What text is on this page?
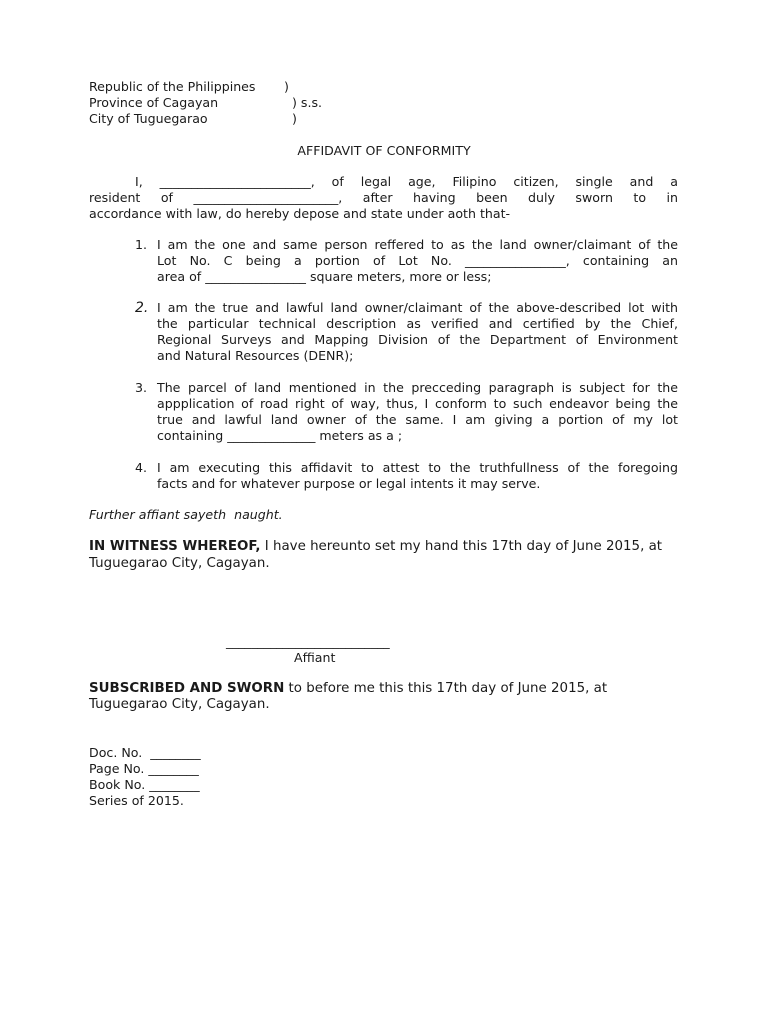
Republic of the Philippines )
Province of Cagayan	) s.s.
City of Tuguegarao	)
AFFIDAVIT OF CONFORMITY
I, ________________________, of legal age, Filipino citizen, single and a
resident of _______________________, after having been duly sworn to in
accordance with law, do hereby depose and state under aoth that-
1. I am the one and same person reffered to as the land owner/claimant of the
Lot No. C being a portion of Lot No. ________________, containing an
area of ________________ square meters, more or less;
2. I am the true and lawful land owner/claimant of the above-described lot with
the particular technical description as verified and certified by the Chief,
Regional Surveys and Mapping Division of the Department of Environment
and Natural Resources (DENR);
3. The parcel of land mentioned in the precceding paragraph is subject for the
appplication of road right of way, thus, I conform to such endeavor being the
true and lawful land owner of the same. I am giving a portion of my lot
containing ______________ meters as a ;
4. I am executing this affidavit to attest to the truthfullness of the foregoing
facts and for whatever purpose or legal intents it may serve.
Further affiant sayeth  naught.
IN WITNESS WHEREOF, I have hereunto set my hand this 17th day of June 2015, at
Tuguegarao City, Cagayan.
__________________________
Affiant
SUBSCRIBED AND SWORN to before me this this 17th day of June 2015, at
Tuguegarao City, Cagayan.
Doc. No.  ________
Page No. ________
Book No. ________
Series of 2015.
